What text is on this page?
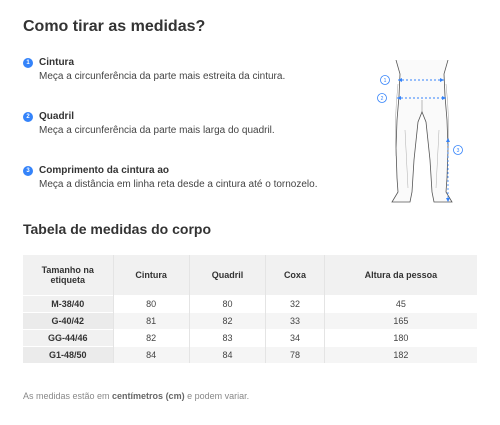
Como tirar as medidas?
1 Cintura
Meça a circunferência da parte mais estreita da cintura.
2 Quadril
Meça a circunferência da parte mais larga do quadril.
3 Comprimento da cintura ao
Meça a distância em linha reta desde a cintura até o tornozelo.
1
2
3
Tabela de medidas do corpo
Tamanho na etiqueta	Cintura	Quadril	Coxa	Altura da pessoa
M-38/40	80	80	32	45
G-40/42	81	82	33	165
GG-44/46	82	83	34	180
G1-48/50	84	84	78	182
As medidas estão em centímetros (cm) e podem variar.
